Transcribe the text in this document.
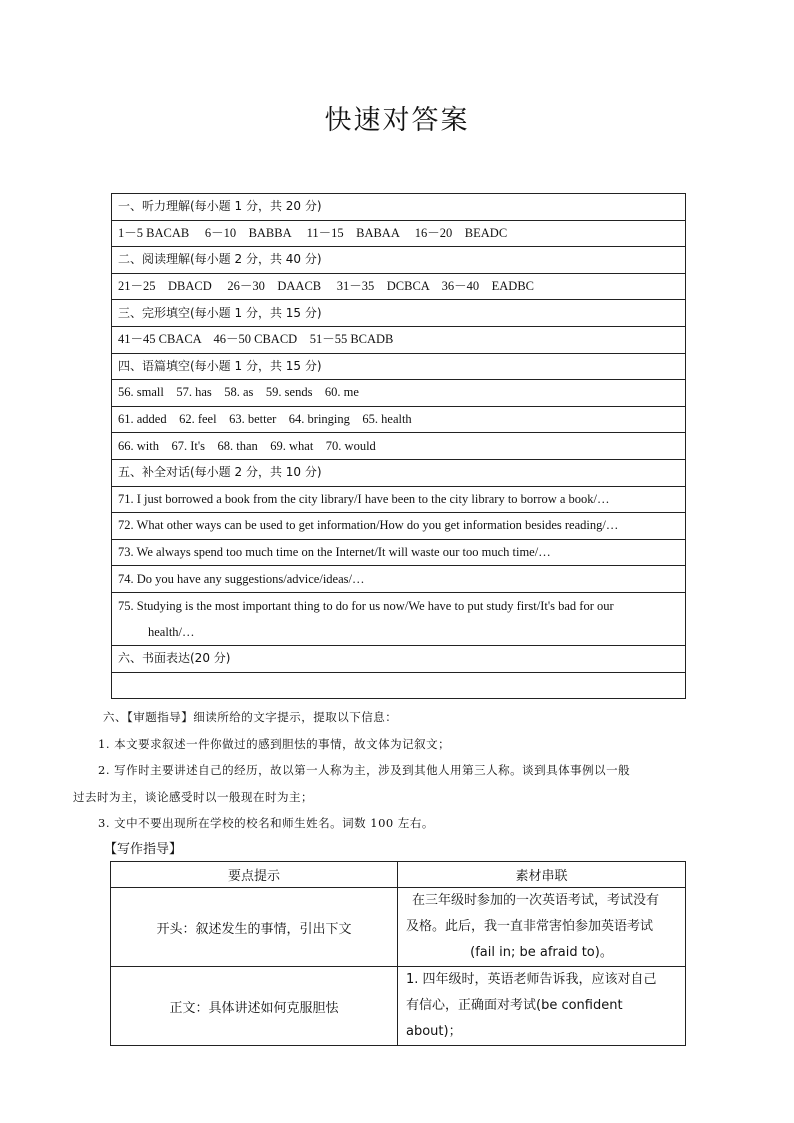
快速对答案
一、听力理解(每小题 1 分，共 20 分)
1－5 BACAB　 6－10　BABBA　 11－15　BABAA　 16－20　BEADC
二、阅读理解(每小题 2 分，共 40 分)
21－25　DBACD　 26－30　DAACB　 31－35　DCBCA　36－40　EADBC
三、完形填空(每小题 1 分，共 15 分)
41－45 CBACA　46－50 CBACD　51－55 BCADB
四、语篇填空(每小题 1 分，共 15 分)
56. small　57. has　58. as　59. sends　60. me
61. added　62. feel　63. better　64. bringing　65. health
66. with　67. It's　68. than　69. what　70. would
五、补全对话(每小题 2 分，共 10 分)
71. I just borrowed a book from the city library/I have been to the city library to borrow a book/…
72. What other ways can be used to get information/How do you get information besides reading/…
73. We always spend too much time on the Internet/It will waste our too much time/…
74. Do you have any suggestions/advice/ideas/…

75. Studying is the most important thing to do for us now/We have to put study first/It's bad for our
health/…

六、书面表达(20 分)

六、【审题指导】细读所给的文字提示，提取以下信息：

1. 本文要求叙述一件你做过的感到胆怯的事情，故文体为记叙文；

2. 写作时主要讲述自己的经历，故以第一人称为主，涉及到其他人用第三人称。谈到具体事例以一般

过去时为主，谈论感受时以一般现在时为主；

3. 文中不要出现所在学校的校名和师生姓名。词数 100 左右。

【写作指导】
要点提示	素材串联
开头：叙述发生的事情，引出下文	在三年级时参加的一次英语考试，考试没有
及格。此后，我一直非常害怕参加英语考试
(fail in; be afraid to)。

正文：具体讲述如何克服胆怯	1. 四年级时，英语老师告诉我，应该对自己
有信心，正确面对考试(be confident about)；
